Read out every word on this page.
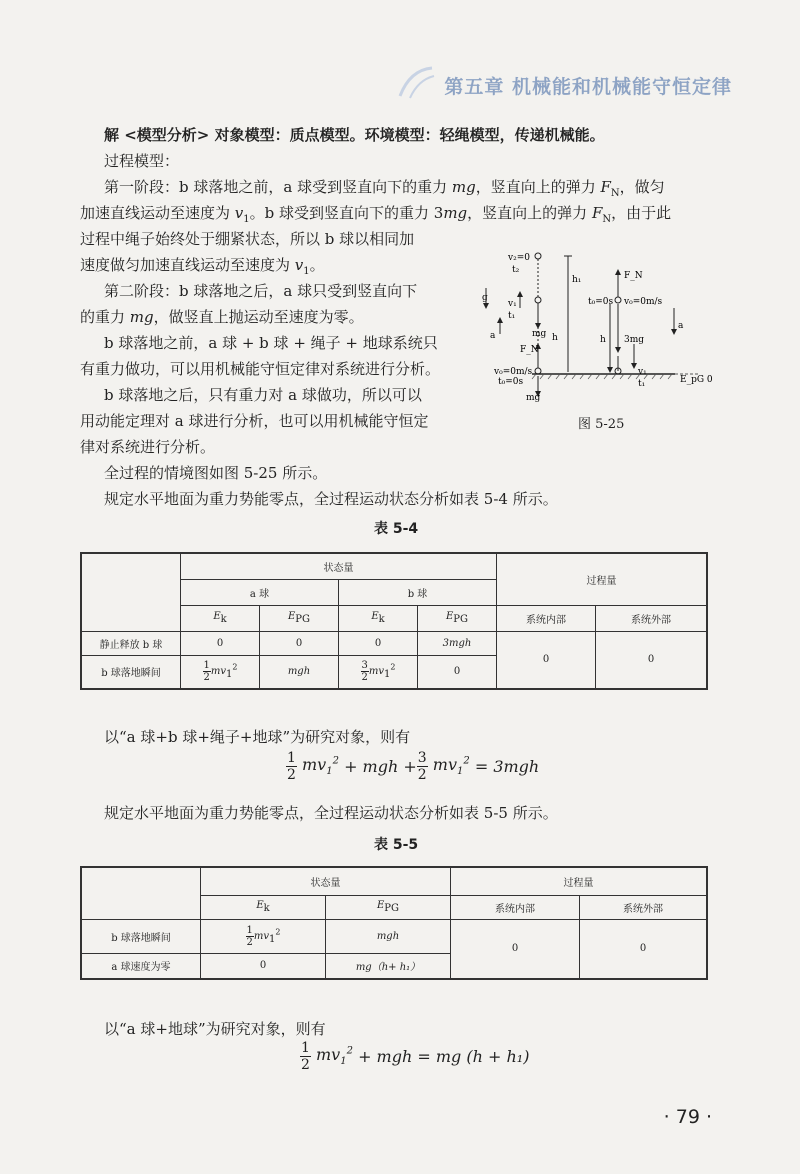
第五章 机械能和机械能守恒定律
解 <模型分析> 对象模型：质点模型。环境模型：轻绳模型，传递机械能。
过程模型：
第一阶段：b 球落地之前，a 球受到竖直向下的重力 mg，竖直向上的弹力 $F_N$，做匀
加速直线运动至速度为 $v_1$。b 球受到竖直向下的重力 3mg，竖直向上的弹力 $F_N$，由于此
过程中绳子始终处于绷紧状态，所以 b 球以相同加
速度做匀加速直线运动至速度为 $v_1$。
第二阶段：b 球落地之后，a 球只受到竖直向下
的重力 mg，做竖直上抛运动至速度为零。
b 球落地之前，a 球 + b 球 + 绳子 + 地球系统只
有重力做功，可以用机械能守恒定律对系统进行分析。
b 球落地之后，只有重力对 a 球做功，所以可以
用动能定理对 a 球进行分析，也可以用机械能守恒定
律对系统进行分析。
全过程的情境图如图 5-25 所示。
规定水平地面为重力势能零点，全过程运动状态分析如表 5-4 所示。
v₂=0
t₂
g
h₁
v₁
t₁
mg h
a
F_N
v₀=0m/s
t₀=0s
mg
t₀=0s v₀=0m/s
F_N
a
h 3mg
v₁
t₁	E_pG 0
图 5-25
表 5-4
	状态量				过程量	
	a 球		b 球			
	$E_k$	$E_{PG}$	$E_k$	$E_{PG}$	系统内部	系统外部
静止释放 b 球	0	0	0	3mgh	0	0
b 球落地瞬间	$\frac{1}{2} mv_1^2$	mgh	$\frac{3}{2} mv_1^2$	0		
以“a 球+b 球+绳子+地球”为研究对象，则有
$\frac{1}{2} mv_1^2$ + mgh + $\frac{3}{2} mv_1^2 = 3mgh$
规定水平地面为重力势能零点，全过程运动状态分析如表 5-5 所示。
表 5-5
	状态量		过程量	
	$E_k$	$E_{PG}$	系统内部	系统外部
b 球落地瞬间	$\frac{1}{2} mv_1^2$	mgh	0	0
a 球速度为零	0	mg（h+ h₁）		
以“a 球+地球”为研究对象，则有
$\frac{1}{2} mv_1^2$ + mgh = mg
(h + h₁)
· 79 ·
